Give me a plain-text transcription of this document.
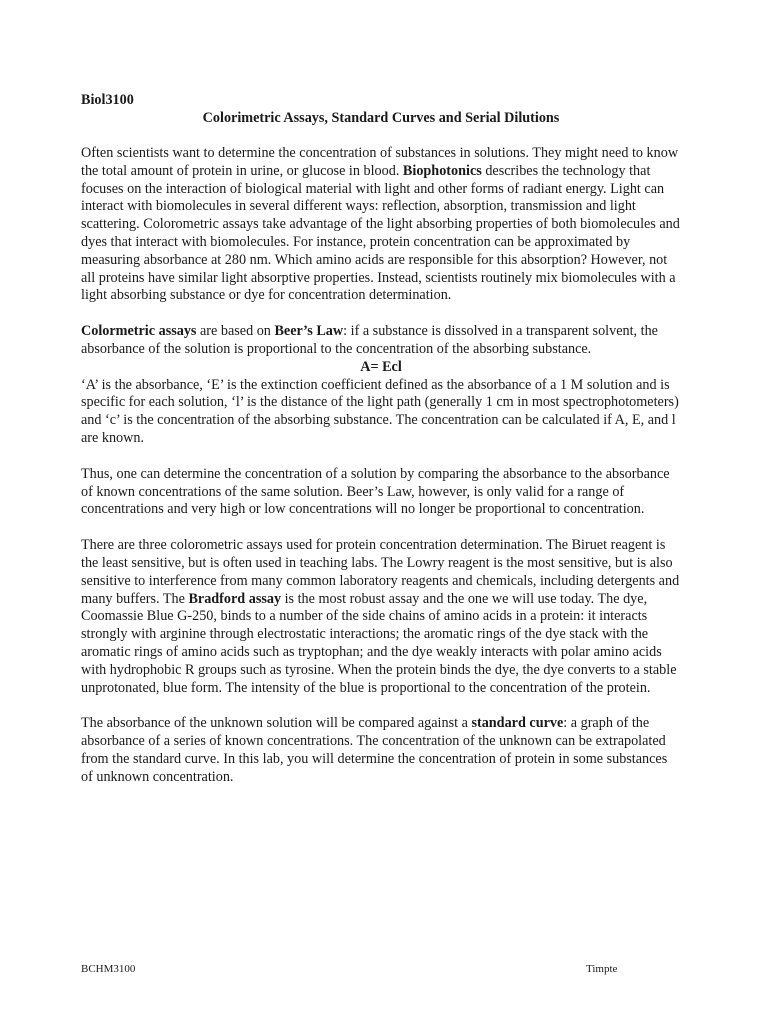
Biol3100

Colorimetric Assays, Standard Curves and Serial Dilutions

Often scientists want to determine the concentration of substances in solutions. They might need to know the total amount of protein in urine, or glucose in blood. Biophotonics describes the technology that focuses on the interaction of biological material with light and other forms of radiant energy. Light can interact with biomolecules in several different ways: reflection, absorption, transmission and light scattering. Colorometric assays take advantage of the light absorbing properties of both biomolecules and dyes that interact with biomolecules. For instance, protein concentration can be approximated by measuring absorbance at 280 nm. Which amino acids are responsible for this absorption? However, not all proteins have similar light absorptive properties. Instead, scientists routinely mix biomolecules with a light absorbing substance or dye for concentration determination.

Colormetric assays are based on Beer’s Law: if a substance is dissolved in a transparent solvent, the absorbance of the solution is proportional to the concentration of the absorbing substance.
A= Ecl
‘A’ is the absorbance, ‘E’ is the extinction coefficient defined as the absorbance of a 1 M solution and is specific for each solution, ‘l’ is the distance of the light path (generally 1 cm in most spectrophotometers) and ‘c’ is the concentration of the absorbing substance. The concentration can be calculated if A, E, and l are known.

Thus, one can determine the concentration of a solution by comparing the absorbance to the absorbance of known concentrations of the same solution. Beer’s Law, however, is only valid for a range of concentrations and very high or low concentrations will no longer be proportional to concentration.

There are three colorometric assays used for protein concentration determination. The Biruet reagent is the least sensitive, but is often used in teaching labs. The Lowry reagent is the most sensitive, but is also sensitive to interference from many common laboratory reagents and chemicals, including detergents and many buffers. The Bradford assay is the most robust assay and the one we will use today. The dye, Coomassie Blue G-250, binds to a number of the side chains of amino acids in a protein: it interacts strongly with arginine through electrostatic interactions; the aromatic rings of the dye stack with the aromatic rings of amino acids such as tryptophan; and the dye weakly interacts with polar amino acids with hydrophobic R groups such as tyrosine. When the protein binds the dye, the dye converts to a stable unprotonated, blue form. The intensity of the blue is proportional to the concentration of the protein.

The absorbance of the unknown solution will be compared against a standard curve: a graph of the absorbance of a series of known concentrations. The concentration of the unknown can be extrapolated from the standard curve. In this lab, you will determine the concentration of protein in some substances of unknown concentration.

BCHM3100	Timpte
